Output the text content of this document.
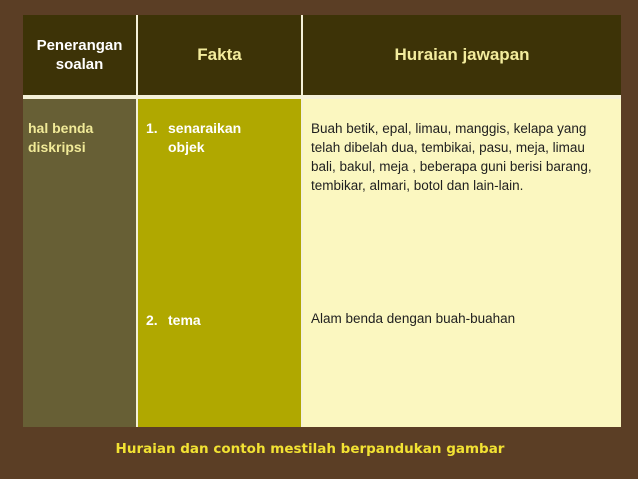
Penerangan
soalan
Fakta	Huraian jawapan
hal benda
diskripsi
1. senaraikan
objek
2. tema
Buah betik, epal, limau, manggis, kelapa yang telah dibelah dua, tembikai, pasu, meja, limau bali, bakul, meja , beberapa guni berisi barang, tembikar, almari, botol dan lain-lain.
Alam benda dengan buah-buahan
Huraian dan contoh mestilah berpandukan gambar
